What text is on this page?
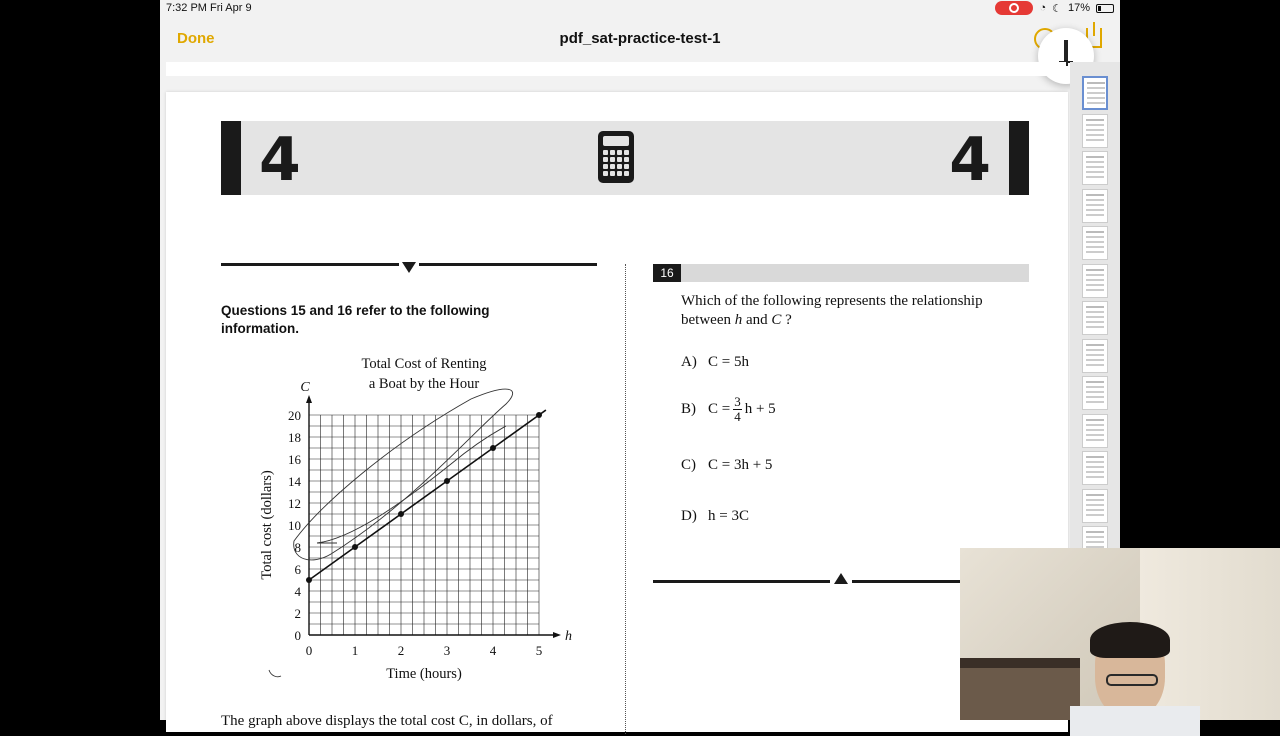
7:32 PM Fri Apr 9	◔ ☾ 17%
Done	pdf_sat-practice-test-1
4	4
Questions 15 and 16 refer to the following information.
0	1	2	3	4	5
0
2
4
6
8
10
12
14
16
18
20
Total Cost of Renting
a Boat by the Hour
Time (hours)
Total cost (dollars)
h
C
The graph above displays the total cost C, in dollars, of
16
Which of the following represents the relationship between h and C ?
A) C = 5h
B) $C = \frac{3}{4}$ h + 5
C) C = 3h + 5
D) h = 3C
